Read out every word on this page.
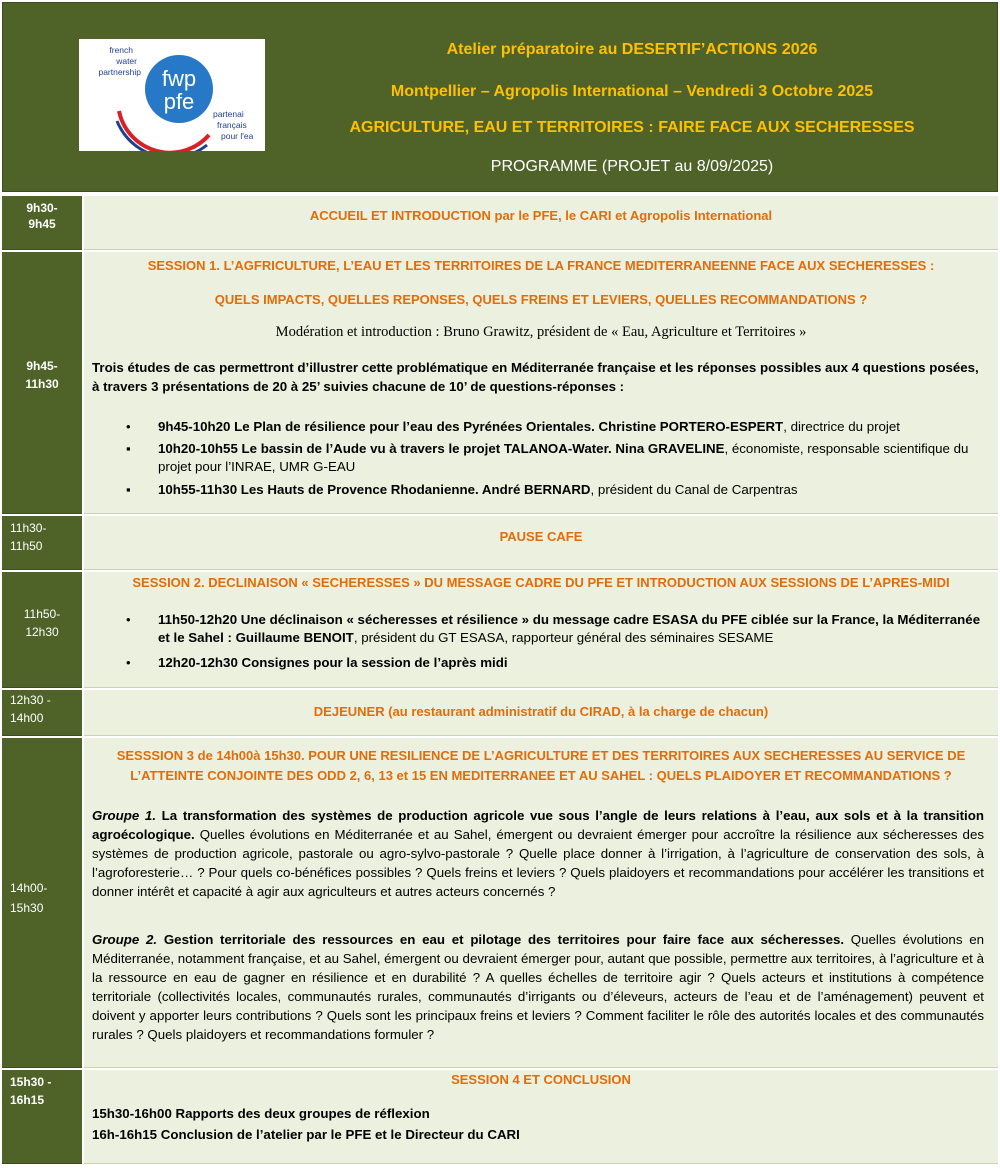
fwp
pfe
french
water
partnership
partenai
français
pour l'ea
Atelier préparatoire au DESERTIF’ACTIONS 2026
Montpellier – Agropolis International – Vendredi 3 Octobre 2025
AGRICULTURE, EAU ET TERRITOIRES : FAIRE FACE AUX SECHERESSES
PROGRAMME (PROJET au 8/09/2025)
9h30-
9h45
ACCUEIL ET INTRODUCTION par le PFE, le CARI et Agropolis International
9h45-
11h30
SESSION 1. L’AGFRICULTURE, L’EAU ET LES TERRITOIRES DE LA FRANCE MEDITERRANEENNE FACE AUX SECHERESSES :
QUELS IMPACTS, QUELLES REPONSES, QUELS FREINS ET LEVIERS, QUELLES RECOMMANDATIONS ?
Modération et introduction : Bruno Grawitz, président de « Eau, Agriculture et Territoires »
Trois études de cas permettront d’illustrer cette problématique en Méditerranée française et les réponses possibles aux 4 questions posées, à travers 3 présentations de 20 à 25’ suivies chacune de 10’ de questions-réponses :
• 9h45-10h20 Le Plan de résilience pour l’eau des Pyrénées Orientales. Christine PORTERO-ESPERT, directrice du projet
▪ 10h20-10h55 Le bassin de l’Aude vu à travers le projet TALANOA-Water. Nina GRAVELINE, économiste, responsable scientifique du projet pour l’INRAE, UMR G-EAU
▪ 10h55-11h30 Les Hauts de Provence Rhodanienne. André BERNARD, président du Canal de Carpentras
11h30-
11h50
PAUSE CAFE
11h50-
12h30
SESSION 2. DECLINAISON « SECHERESSES » DU MESSAGE CADRE DU PFE ET INTRODUCTION AUX SESSIONS DE L’APRES-MIDI
• 11h50-12h20 Une déclinaison « sécheresses et résilience » du message cadre ESASA du PFE ciblée sur la France, la Méditerranée et le Sahel : Guillaume BENOIT, président du GT ESASA, rapporteur général des séminaires SESAME
• 12h20-12h30 Consignes pour la session de l’après midi
12h30 -
14h00	DEJEUNER (au restaurant administratif du CIRAD, à la charge de chacun)
14h00-
15h30
SESSSION 3 de 14h00à 15h30. POUR UNE RESILIENCE DE L’AGRICULTURE ET DES TERRITOIRES AUX SECHERESSES AU SERVICE DE
L’ATTEINTE CONJOINTE DES ODD 2, 6, 13 et 15 EN MEDITERRANEE ET AU SAHEL : QUELS PLAIDOYER ET RECOMMANDATIONS ?
Groupe 1. La transformation des systèmes de production agricole vue sous l’angle de leurs relations à l’eau, aux sols et à la transition agroécologique. Quelles évolutions en Méditerranée et au Sahel, émergent ou devraient émerger pour accroître la résilience aux sécheresses des systèmes de production agricole, pastorale ou agro-sylvo-pastorale ? Quelle place donner à l’irrigation, à l’agriculture de conservation des sols, à l’agroforesterie… ? Pour quels co-bénéfices possibles ? Quels freins et leviers ? Quels plaidoyers et recommandations pour accélérer les transitions et donner intérêt et capacité à agir aux agriculteurs et autres acteurs concernés ?
Groupe 2. Gestion territoriale des ressources en eau et pilotage des territoires pour faire face aux sécheresses. Quelles évolutions en Méditerranée, notamment française, et au Sahel, émergent ou devraient émerger pour, autant que possible, permettre aux territoires, à l’agriculture et à la ressource en eau de gagner en résilience et en durabilité ? A quelles échelles de territoire agir ? Quels acteurs et institutions à compétence territoriale (collectivités locales, communautés rurales, communautés d’irrigants ou d’éleveurs, acteurs de l’eau et de l’aménagement) peuvent et doivent y apporter leurs contributions ? Quels sont les principaux freins et leviers ? Comment faciliter le rôle des autorités locales et des communautés rurales ? Quels plaidoyers et recommandations formuler ?
15h30 -
16h15
SESSION 4 ET CONCLUSION
15h30-16h00 Rapports des deux groupes de réflexion
16h-16h15 Conclusion de l’atelier par le PFE et le Directeur du CARI
